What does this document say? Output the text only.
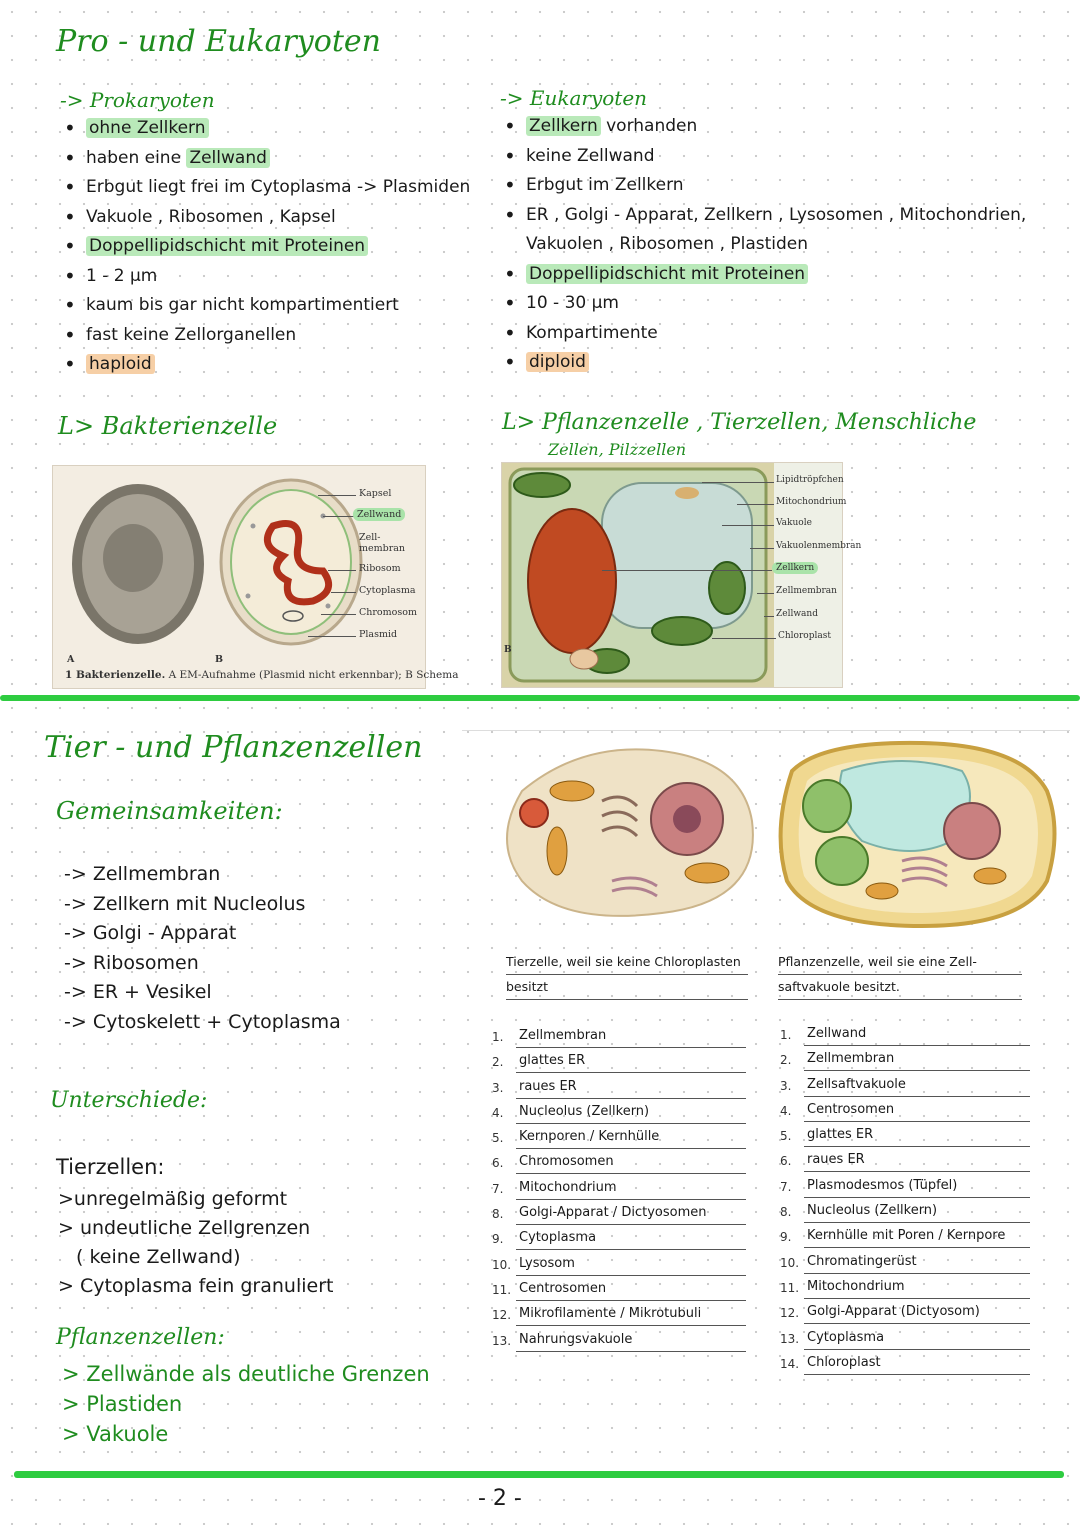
Pro - und Eukaryoten
-> Prokaryoten
• ohne Zellkern
• haben eine Zellwand
• Erbgut liegt frei im Cytoplasma -> Plasmiden
• Vakuole , Ribosomen , Kapsel
• Doppellipidschicht mit Proteinen
• 1 - 2 µm
• kaum bis gar nicht kompartimentiert
• fast keine Zellorganellen
• haploid
-> Eukaryoten
• Zellkern vorhanden
• keine Zellwand
• Erbgut im Zellkern
• ER , Golgi - Apparat, Zellkern , Lysosomen , Mitochondrien,
Vakuolen , Ribosomen , Plastiden
• Doppellipidschicht mit Proteinen
• 10 - 30 µm
• Kompartimente
• diploid
L> Bakterienzelle	L> Pflanzenzelle , Tierzellen, Menschliche
Zellen, Pilzzellen
Kapsel
Zellwand
Zell-
membran
Ribosom
Cytoplasma
Chromosom
Plasmid
A	B
1 Bakterienzelle. A EM-Aufnahme (Plasmid nicht erkennbar); B Schema
Lipidtröpfchen
Mitochondrium
Vakuole
Vakuolenmembran
Zellkern
Zellmembran
Zellwand
Chloroplast
B
Tier - und Pflanzenzellen
Gemeinsamkeiten:
-> Zellmembran
-> Zellkern mit Nucleolus
-> Golgi - Apparat
-> Ribosomen
-> ER + Vesikel
-> Cytoskelett + Cytoplasma
Unterschiede:
Tierzellen:
>unregelmäßig geformt
> undeutliche Zellgrenzen
( keine Zellwand)
> Cytoplasma fein granuliert
Pflanzenzellen:
> Zellwände als deutliche Grenzen
> Plastiden
> Vakuole
Tierzelle, weil sie keine Chloroplasten
besitzt
Pflanzenzelle, weil sie eine Zell-
saftvakuole besitzt.
1.	Zellmembran
2.	glattes ER
3.	raues ER
4.	Nucleolus (Zellkern)
5.	Kernporen / Kernhülle
6.	Chromosomen
7.	Mitochondrium
8.	Golgi-Apparat / Dictyosomen
9.	Cytoplasma
10. Lysosom
11. Centrosomen
12. Mikrofilamente / Mikrotubuli
13. Nahrungsvakuole
1.	Zellwand
2.	Zellmembran
3.	Zellsaftvakuole
4.	Centrosomen
5.	glattes ER
6.	raues ER
7.	Plasmodesmos (Tüpfel)
8.	Nucleolus (Zellkern)
9.	Kernhülle mit Poren / Kernpore
10. Chromatingerüst
11. Mitochondrium
12. Golgi-Apparat (Dictyosom)
13. Cytoplasma
14. Chloroplast
- 2 -
